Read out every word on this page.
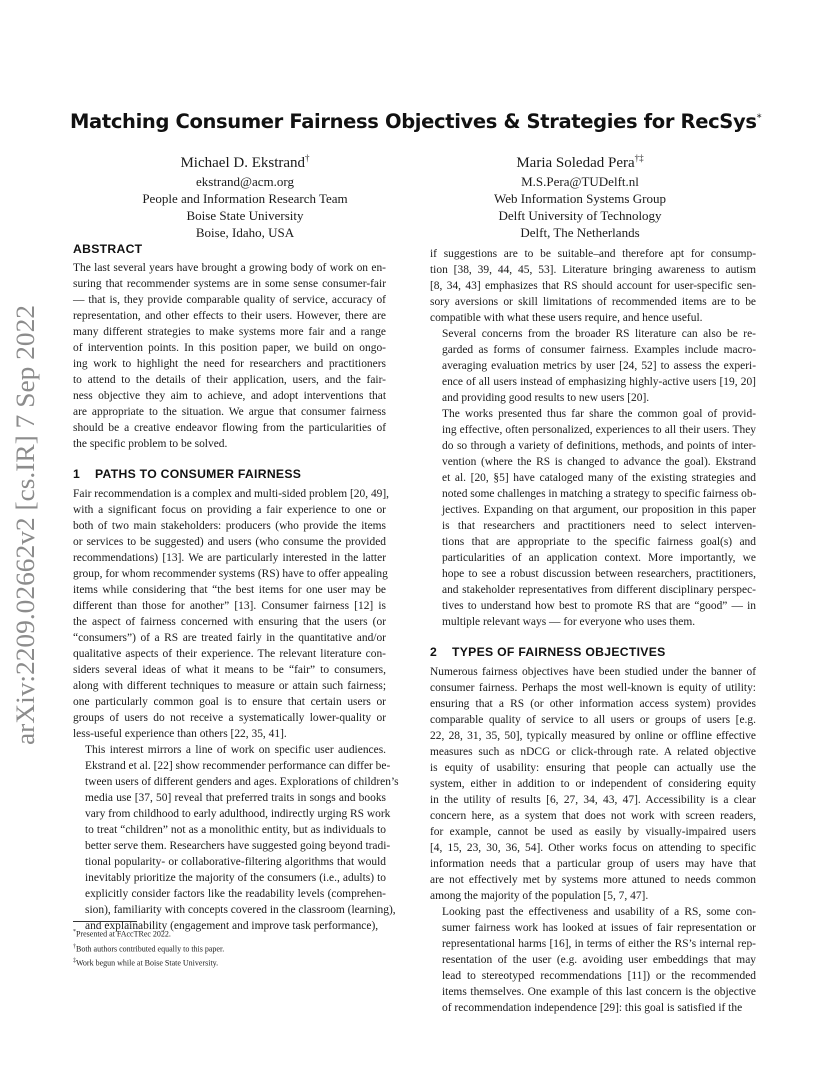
arXiv:2209.02662v2 [cs.IR] 7 Sep 2022
Matching Consumer Fairness Objectives & Strategies for RecSys*
Michael D. Ekstrand†
ekstrand@acm.org
People and Information Research Team
Boise State University
Boise, Idaho, USA
Maria Soledad Pera†‡
M.S.Pera@TUDelft.nl
Web Information Systems Group
Delft University of Technology
Delft, The Netherlands
ABSTRACT

The last several years have brought a growing body of work on en-
suring that recommender systems are in some sense consumer-fair
— that is, they provide comparable quality of service, accuracy of
representation, and other effects to their users. However, there are
many different strategies to make systems more fair and a range
of intervention points. In this position paper, we build on ongo-
ing work to highlight the need for researchers and practitioners
to attend to the details of their application, users, and the fair-
ness objective they aim to achieve, and adopt interventions that
are appropriate to the situation. We argue that consumer fairness
should be a creative endeavor flowing from the particularities of
the specific problem to be solved.

1 PATHS TO CONSUMER FAIRNESS

Fair recommendation is a complex and multi-sided problem [20, 49],
with a significant focus on providing a fair experience to one or
both of two main stakeholders: producers (who provide the items
or services to be suggested) and users (who consume the provided
recommendations) [13]. We are particularly interested in the latter
group, for whom recommender systems (RS) have to offer appealing
items while considering that “the best items for one user may be
different than those for another” [13]. Consumer fairness [12] is
the aspect of fairness concerned with ensuring that the users (or
“consumers”) of a RS are treated fairly in the quantitative and/or
qualitative aspects of their experience. The relevant literature con-
siders several ideas of what it means to be “fair” to consumers,
along with different techniques to measure or attain such fairness;
one particularly common goal is to ensure that certain users or
groups of users do not receive a systematically lower-quality or
less-useful experience than others [22, 35, 41].

This interest mirrors a line of work on specific user audiences.
Ekstrand et al. [22] show recommender performance can differ be-
tween users of different genders and ages. Explorations of children’s
media use [37, 50] reveal that preferred traits in songs and books
vary from childhood to early adulthood, indirectly urging RS work
to treat “children” not as a monolithic entity, but as individuals to
better serve them. Researchers have suggested going beyond tradi-
tional popularity- or collaborative-filtering algorithms that would
inevitably prioritize the majority of the consumers (i.e., adults) to
explicitly consider factors like the readability levels (comprehen-
sion), familiarity with concepts covered in the classroom (learning),
and explainability (engagement and improve task performance),

if suggestions are to be suitable–and therefore apt for consump-
tion [38, 39, 44, 45, 53]. Literature bringing awareness to autism
[8, 34, 43] emphasizes that RS should account for user-specific sen-
sory aversions or skill limitations of recommended items are to be
compatible with what these users require, and hence useful.

Several concerns from the broader RS literature can also be re-
garded as forms of consumer fairness. Examples include macro-
averaging evaluation metrics by user [24, 52] to assess the experi-
ence of all users instead of emphasizing highly-active users [19, 20]
and providing good results to new users [20].

The works presented thus far share the common goal of provid-
ing effective, often personalized, experiences to all their users. They
do so through a variety of definitions, methods, and points of inter-
vention (where the RS is changed to advance the goal). Ekstrand
et al. [20, §5] have cataloged many of the existing strategies and
noted some challenges in matching a strategy to specific fairness ob-
jectives. Expanding on that argument, our proposition in this paper
is that researchers and practitioners need to select interven-
tions that are appropriate to the specific fairness goal(s) and
particularities of an application context. More importantly, we
hope to see a robust discussion between researchers, practitioners,
and stakeholder representatives from different disciplinary perspec-
tives to understand how best to promote RS that are “good” — in
multiple relevant ways — for everyone who uses them.

2 TYPES OF FAIRNESS OBJECTIVES

Numerous fairness objectives have been studied under the banner of
consumer fairness. Perhaps the most well-known is equity of utility:
ensuring that a RS (or other information access system) provides
comparable quality of service to all users or groups of users [e.g.
22, 28, 31, 35, 50], typically measured by online or offline effective
measures such as nDCG or click-through rate. A related objective
is equity of usability: ensuring that people can actually use the
system, either in addition to or independent of considering equity
in the utility of results [6, 27, 34, 43, 47]. Accessibility is a clear
concern here, as a system that does not work with screen readers,
for example, cannot be used as easily by visually-impaired users
[4, 15, 23, 30, 36, 54]. Other works focus on attending to specific
information needs that a particular group of users may have that
are not effectively met by systems more attuned to needs common
among the majority of the population [5, 7, 47].

Looking past the effectiveness and usability of a RS, some con-
sumer fairness work has looked at issues of fair representation or
representational harms [16], in terms of either the RS’s internal rep-
resentation of the user (e.g. avoiding user embeddings that may
lead to stereotyped recommendations [11]) or the recommended
items themselves. One example of this last concern is the objective
of recommendation independence [29]: this goal is satisfied if the

*Presented at FAccTRec 2022.
†Both authors contributed equally to this paper.
‡Work begun while at Boise State University.
